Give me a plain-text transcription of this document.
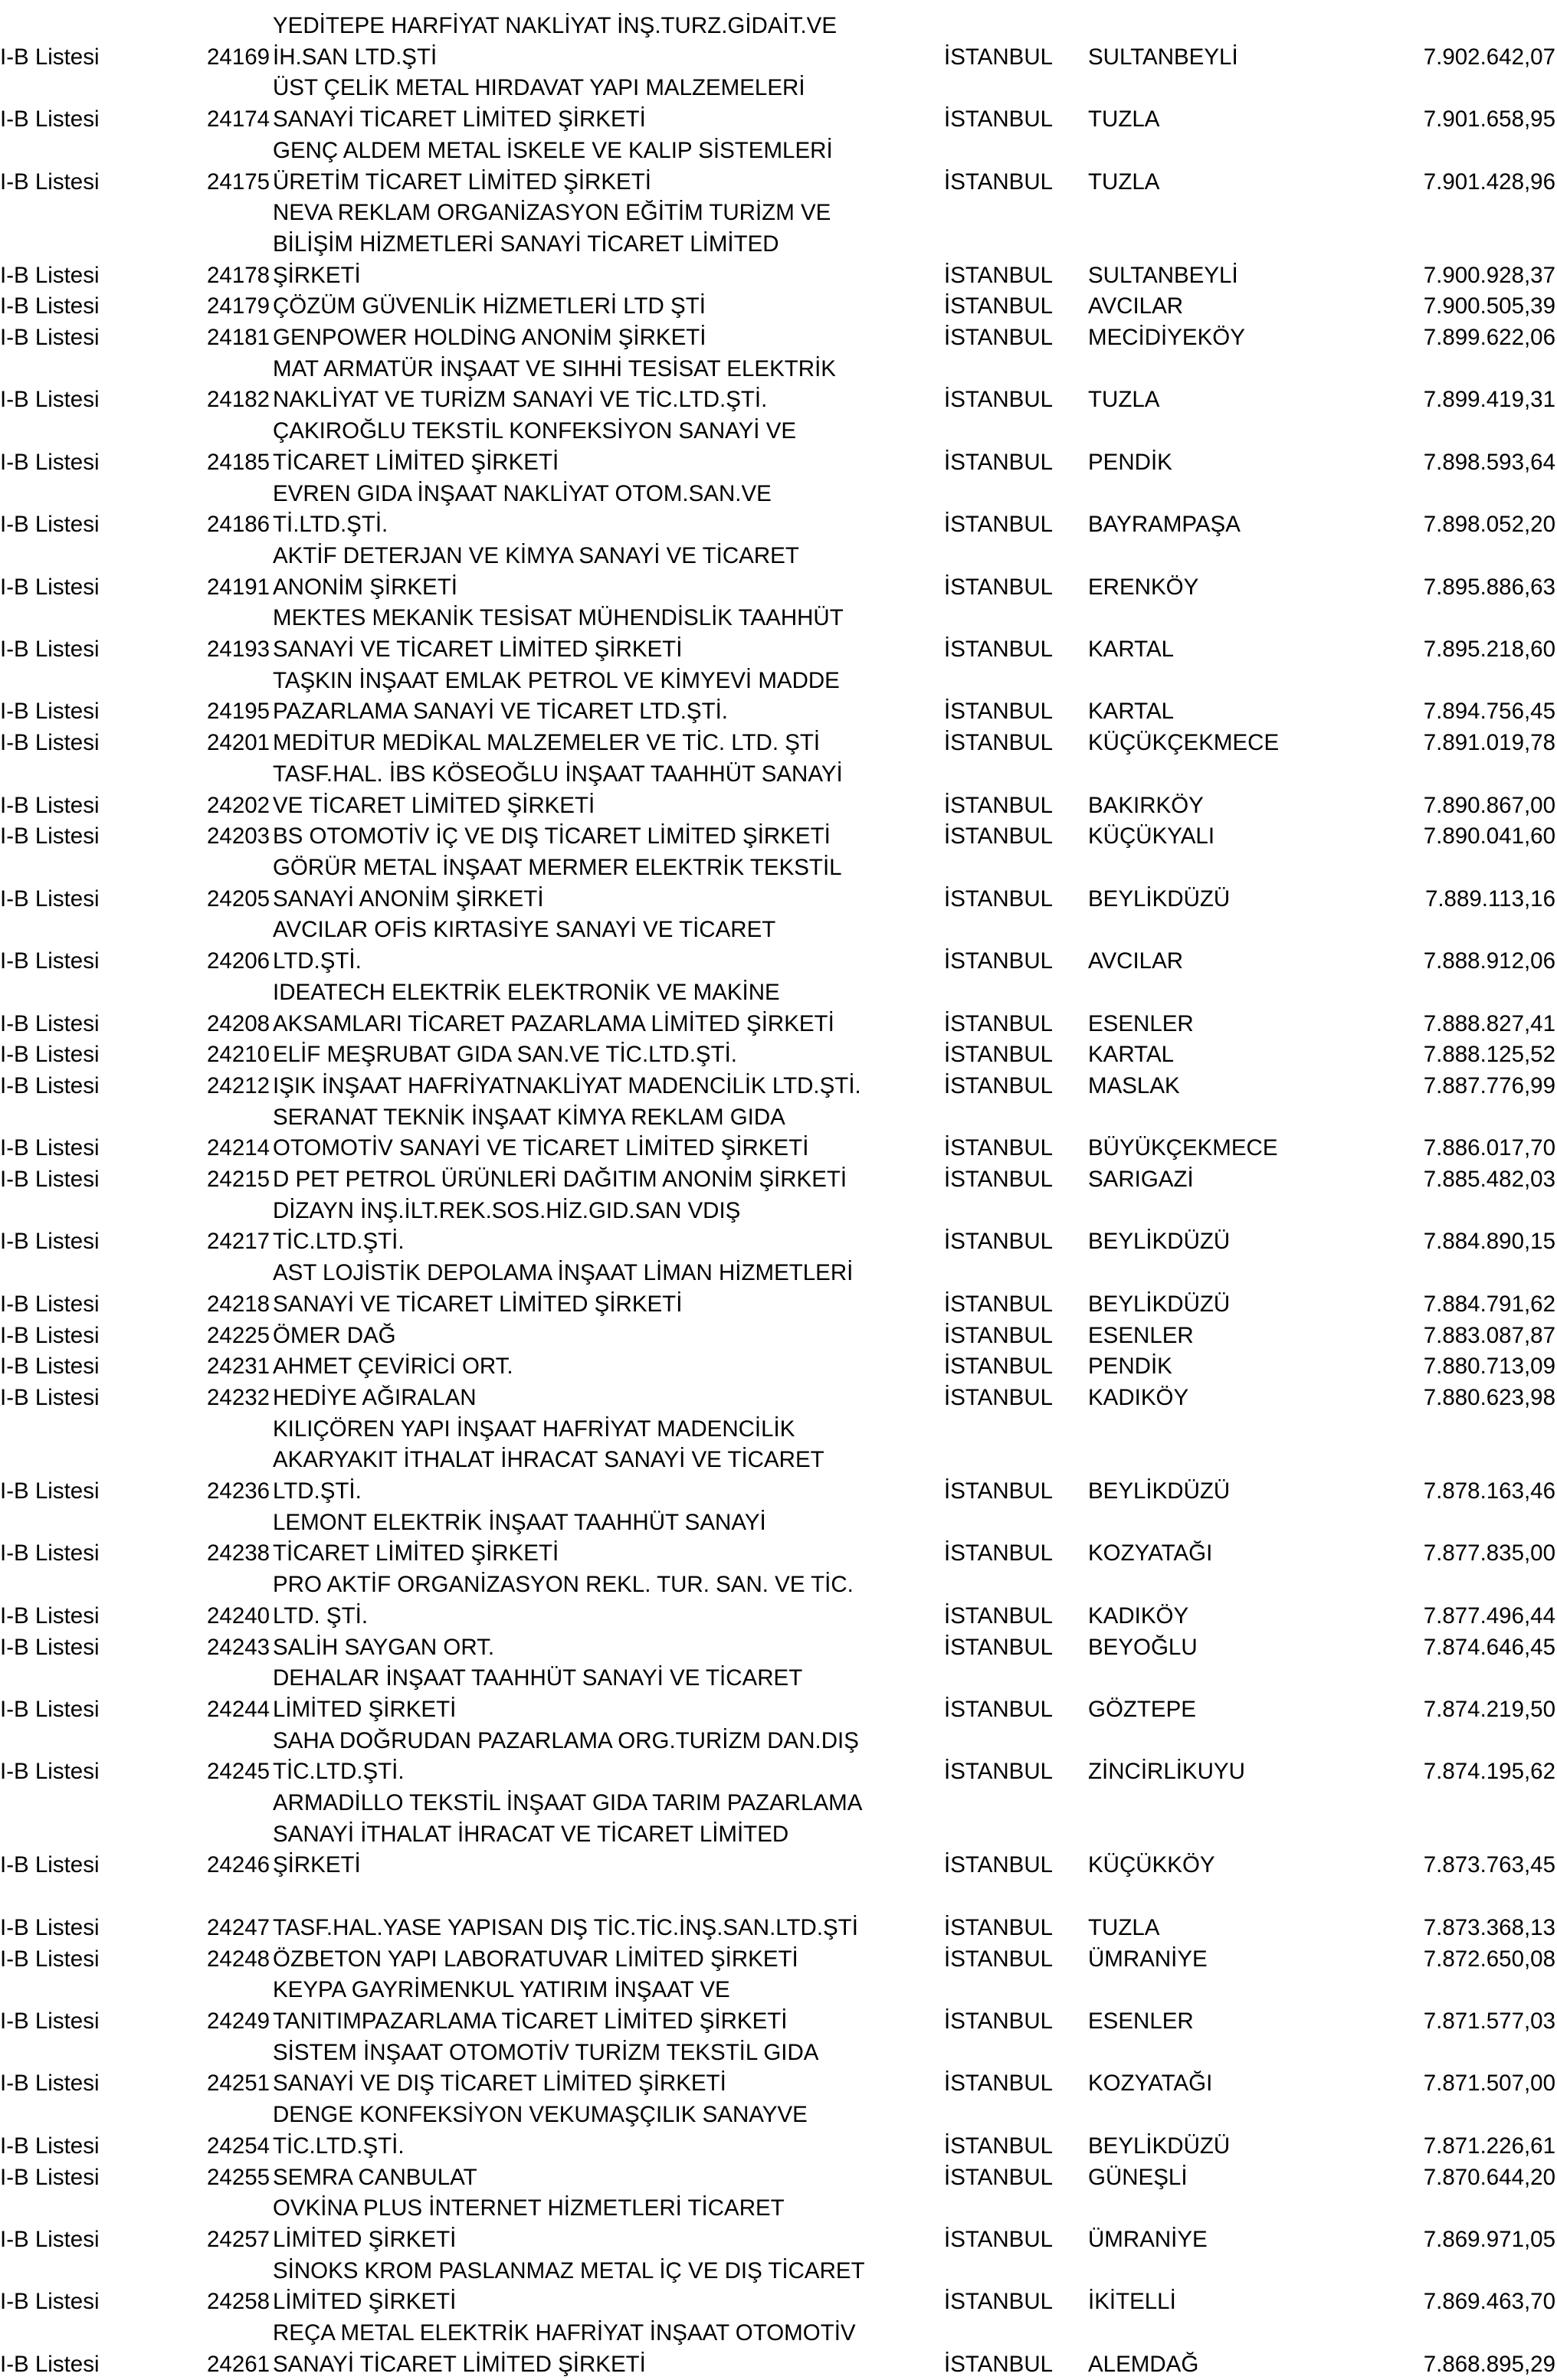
I-B Listesi	24169
YEDİTEPE HARFİYAT NAKLİYAT İNŞ.TURZ.GİDAİT.VE
İH.SAN LTD.ŞTİ	İSTANBUL	SULTANBEYLİ	7.902.642,07
I-B Listesi	24174
ÜST ÇELİK METAL HIRDAVAT YAPI MALZEMELERİ
SANAYİ TİCARET LİMİTED ŞİRKETİ	İSTANBUL	TUZLA	7.901.658,95
I-B Listesi	24175
GENÇ ALDEM METAL İSKELE VE KALIP SİSTEMLERİ
ÜRETİM TİCARET LİMİTED ŞİRKETİ	İSTANBUL	TUZLA	7.901.428,96
I-B Listesi	24178
NEVA REKLAM ORGANİZASYON EĞİTİM TURİZM VE
BİLİŞİM HİZMETLERİ SANAYİ TİCARET LİMİTED
ŞİRKETİ	İSTANBUL	SULTANBEYLİ	7.900.928,37
I-B Listesi	24179 ÇÖZÜM GÜVENLİK HİZMETLERİ LTD ŞTİ	İSTANBUL	AVCILAR	7.900.505,39
I-B Listesi	24181 GENPOWER HOLDİNG ANONİM ŞİRKETİ	İSTANBUL	MECİDİYEKÖY	7.899.622,06
I-B Listesi	24182
MAT ARMATÜR İNŞAAT VE SIHHİ TESİSAT ELEKTRİK
NAKLİYAT VE TURİZM SANAYİ VE TİC.LTD.ŞTİ.	İSTANBUL	TUZLA	7.899.419,31
I-B Listesi	24185
ÇAKIROĞLU TEKSTİL KONFEKSİYON SANAYİ VE
TİCARET LİMİTED ŞİRKETİ	İSTANBUL	PENDİK	7.898.593,64
I-B Listesi	24186
EVREN GIDA İNŞAAT NAKLİYAT OTOM.SAN.VE
Tİ.LTD.ŞTİ.	İSTANBUL	BAYRAMPAŞA	7.898.052,20
I-B Listesi	24191
AKTİF DETERJAN VE KİMYA SANAYİ VE TİCARET
ANONİM ŞİRKETİ	İSTANBUL	ERENKÖY	7.895.886,63
I-B Listesi	24193
MEKTES MEKANİK TESİSAT MÜHENDİSLİK TAAHHÜT
SANAYİ VE TİCARET LİMİTED ŞİRKETİ	İSTANBUL	KARTAL	7.895.218,60
I-B Listesi	24195
TAŞKIN İNŞAAT EMLAK PETROL VE KİMYEVİ MADDE
PAZARLAMA SANAYİ VE TİCARET LTD.ŞTİ.	İSTANBUL	KARTAL	7.894.756,45
I-B Listesi	24201 MEDİTUR MEDİKAL MALZEMELER VE TİC. LTD. ŞTİ	İSTANBUL	KÜÇÜKÇEKMECE	7.891.019,78
I-B Listesi	24202
TASF.HAL. İBS KÖSEOĞLU İNŞAAT TAAHHÜT SANAYİ
VE TİCARET LİMİTED ŞİRKETİ	İSTANBUL	BAKIRKÖY	7.890.867,00
I-B Listesi	24203 BS OTOMOTİV İÇ VE DIŞ TİCARET LİMİTED ŞİRKETİ	İSTANBUL	KÜÇÜKYALI	7.890.041,60
I-B Listesi	24205
GÖRÜR METAL İNŞAAT MERMER ELEKTRİK TEKSTİL
SANAYİ ANONİM ŞİRKETİ	İSTANBUL	BEYLİKDÜZÜ	7.889.113,16
I-B Listesi	24206
AVCILAR OFİS KIRTASİYE SANAYİ VE TİCARET
LTD.ŞTİ.	İSTANBUL	AVCILAR	7.888.912,06
I-B Listesi	24208
IDEATECH ELEKTRİK ELEKTRONİK VE MAKİNE
AKSAMLARI TİCARET PAZARLAMA LİMİTED ŞİRKETİ	İSTANBUL	ESENLER	7.888.827,41
I-B Listesi	24210 ELİF MEŞRUBAT GIDA SAN.VE TİC.LTD.ŞTİ.	İSTANBUL	KARTAL	7.888.125,52
I-B Listesi	24212 IŞIK İNŞAAT HAFRİYATNAKLİYAT MADENCİLİK LTD.ŞTİ.	İSTANBUL	MASLAK	7.887.776,99
I-B Listesi	24214
SERANAT TEKNİK İNŞAAT KİMYA REKLAM GIDA
OTOMOTİV SANAYİ VE TİCARET LİMİTED ŞİRKETİ	İSTANBUL	BÜYÜKÇEKMECE	7.886.017,70
I-B Listesi	24215 D PET PETROL ÜRÜNLERİ DAĞITIM ANONİM ŞİRKETİ	İSTANBUL	SARIGAZİ	7.885.482,03
I-B Listesi	24217
DİZAYN İNŞ.İLT.REK.SOS.HİZ.GID.SAN VDIŞ
TİC.LTD.ŞTİ.	İSTANBUL	BEYLİKDÜZÜ	7.884.890,15
I-B Listesi	24218
AST LOJİSTİK DEPOLAMA İNŞAAT LİMAN HİZMETLERİ
SANAYİ VE TİCARET LİMİTED ŞİRKETİ	İSTANBUL	BEYLİKDÜZÜ	7.884.791,62
I-B Listesi	24225 ÖMER DAĞ	İSTANBUL	ESENLER	7.883.087,87
I-B Listesi	24231 AHMET ÇEVİRİCİ ORT.	İSTANBUL	PENDİK	7.880.713,09
I-B Listesi	24232 HEDİYE AĞIRALAN	İSTANBUL	KADIKÖY	7.880.623,98
I-B Listesi	24236
KILIÇÖREN YAPI İNŞAAT HAFRİYAT MADENCİLİK
AKARYAKIT İTHALAT İHRACAT SANAYİ VE TİCARET
LTD.ŞTİ.	İSTANBUL	BEYLİKDÜZÜ	7.878.163,46
I-B Listesi	24238
LEMONT ELEKTRİK İNŞAAT TAAHHÜT SANAYİ
TİCARET LİMİTED ŞİRKETİ	İSTANBUL	KOZYATAĞI	7.877.835,00
I-B Listesi	24240
PRO AKTİF ORGANİZASYON REKL. TUR. SAN. VE TİC.
LTD. ŞTİ.	İSTANBUL	KADIKÖY	7.877.496,44
I-B Listesi	24243 SALİH SAYGAN ORT.	İSTANBUL	BEYOĞLU	7.874.646,45
I-B Listesi	24244
DEHALAR İNŞAAT TAAHHÜT SANAYİ VE TİCARET
LİMİTED ŞİRKETİ	İSTANBUL	GÖZTEPE	7.874.219,50
I-B Listesi	24245
SAHA DOĞRUDAN PAZARLAMA ORG.TURİZM DAN.DIŞ
TİC.LTD.ŞTİ.	İSTANBUL	ZİNCİRLİKUYU	7.874.195,62
I-B Listesi	24246
ARMADİLLO TEKSTİL İNŞAAT GIDA TARIM PAZARLAMA
SANAYİ İTHALAT İHRACAT VE TİCARET LİMİTED
ŞİRKETİ	İSTANBUL	KÜÇÜKKÖY	7.873.763,45
I-B Listesi	24247
TASF.HAL.YASE YAPISAN DIŞ TİC.TİC.İNŞ.SAN.LTD.ŞTİ	İSTANBUL	TUZLA	7.873.368,13
I-B Listesi	24248 ÖZBETON YAPI LABORATUVAR LİMİTED ŞİRKETİ	İSTANBUL	ÜMRANİYE	7.872.650,08
I-B Listesi	24249
KEYPA GAYRİMENKUL YATIRIM İNŞAAT VE
TANITIMPAZARLAMA TİCARET LİMİTED ŞİRKETİ	İSTANBUL	ESENLER	7.871.577,03
I-B Listesi	24251
SİSTEM İNŞAAT OTOMOTİV TURİZM TEKSTİL GIDA
SANAYİ VE DIŞ TİCARET LİMİTED ŞİRKETİ	İSTANBUL	KOZYATAĞI	7.871.507,00
I-B Listesi	24254
DENGE KONFEKSİYON VEKUMAŞÇILIK SANAYVE
TİC.LTD.ŞTİ.	İSTANBUL	BEYLİKDÜZÜ	7.871.226,61
I-B Listesi	24255 SEMRA CANBULAT	İSTANBUL	GÜNEŞLİ	7.870.644,20
I-B Listesi	24257
OVKİNA PLUS İNTERNET HİZMETLERİ TİCARET
LİMİTED ŞİRKETİ	İSTANBUL	ÜMRANİYE	7.869.971,05
I-B Listesi	24258
SİNOKS KROM PASLANMAZ METAL İÇ VE DIŞ TİCARET
LİMİTED ŞİRKETİ	İSTANBUL	İKİTELLİ	7.869.463,70
I-B Listesi	24261
REÇA METAL ELEKTRİK HAFRİYAT İNŞAAT OTOMOTİV
SANAYİ TİCARET LİMİTED ŞİRKETİ	İSTANBUL	ALEMDAĞ	7.868.895,29
